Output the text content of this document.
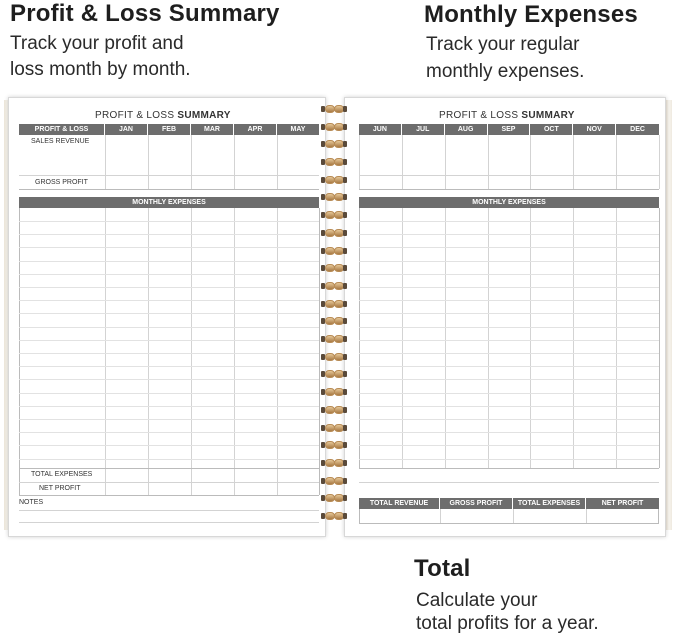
Profit & Loss Summary
Track your profit and
loss month by month.
Monthly Expenses
Track your regular
monthly expenses.
Total
Calculate your
total profits for a year.
PROFIT & LOSS SUMMARY
PROFIT & LOSS	JAN	FEB	MAR	APR	MAY
SALES REVENUE
GROSS PROFIT
MONTHLY EXPENSES
TOTAL EXPENSES
NET PROFIT
NOTES
PROFIT & LOSS SUMMARY
JUN	JUL	AUG	SEP	OCT	NOV	DEC
MONTHLY EXPENSES
TOTAL REVENUE	GROSS PROFIT	TOTAL EXPENSES	NET PROFIT
